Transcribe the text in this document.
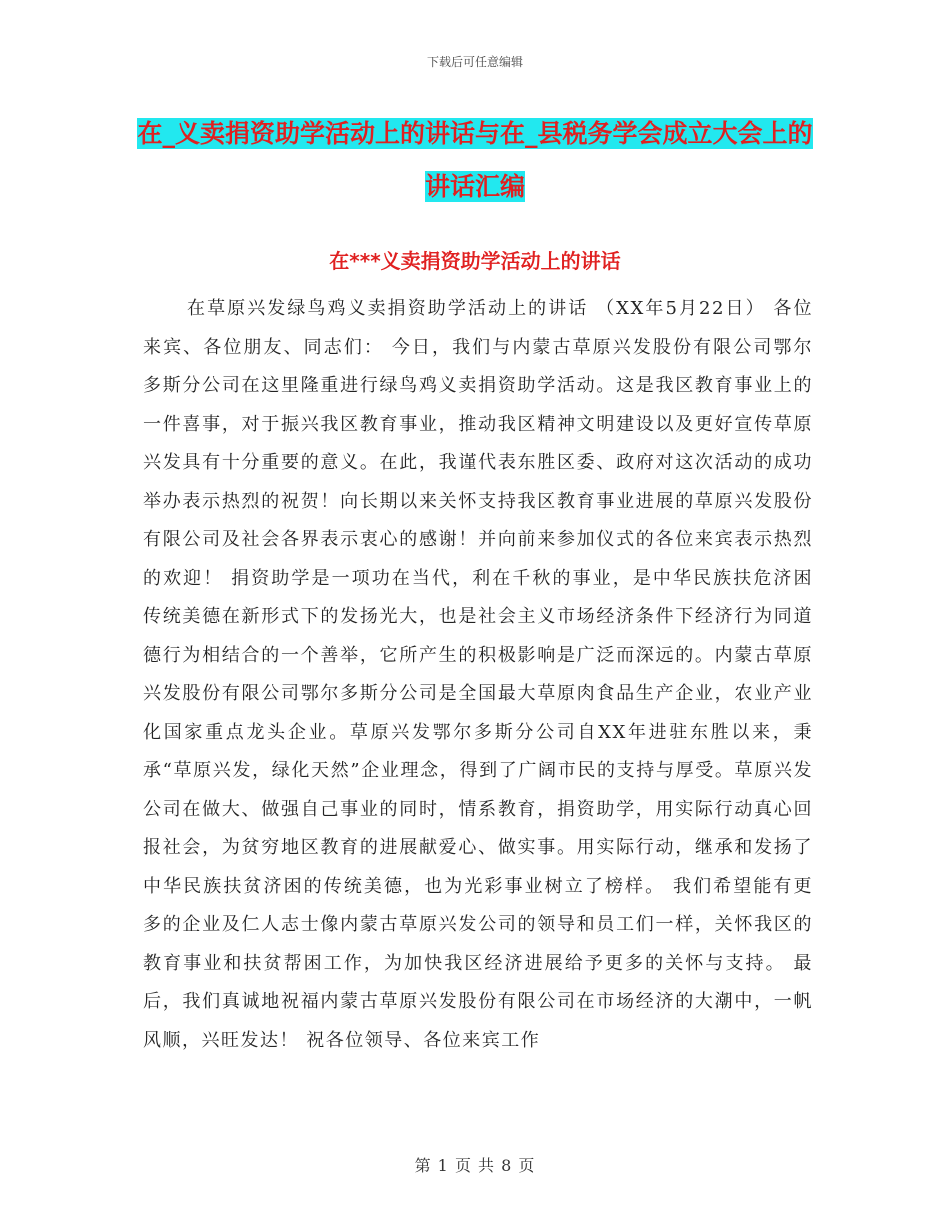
下载后可任意编辑
在_义卖捐资助学活动上的讲话与在_县税务学会成立大会上的讲话汇编
在***义卖捐资助学活动上的讲话

在草原兴发绿鸟鸡义卖捐资助学活动上的讲话 （XX年5月22日） 各位来宾、各位朋友、同志们： 今日，我们与内蒙古草原兴发股份有限公司鄂尔多斯分公司在这里隆重进行绿鸟鸡义卖捐资助学活动。这是我区教育事业上的一件喜事，对于振兴我区教育事业，推动我区精神文明建设以及更好宣传草原兴发具有十分重要的意义。在此，我谨代表东胜区委、政府对这次活动的成功举办表示热烈的祝贺！向长期以来关怀支持我区教育事业进展的草原兴发股份有限公司及社会各界表示衷心的感谢！并向前来参加仪式的各位来宾表示热烈的欢迎！ 捐资助学是一项功在当代，利在千秋的事业，是中华民族扶危济困传统美德在新形式下的发扬光大，也是社会主义市场经济条件下经济行为同道德行为相结合的一个善举，它所产生的积极影响是广泛而深远的。内蒙古草原兴发股份有限公司鄂尔多斯分公司是全国最大草原肉食品生产企业，农业产业化国家重点龙头企业。草原兴发鄂尔多斯分公司自XX年进驻东胜以来，秉承“草原兴发，绿化天然”企业理念，得到了广阔市民的支持与厚受。草原兴发公司在做大、做强自己事业的同时，情系教育，捐资助学，用实际行动真心回报社会，为贫穷地区教育的进展献爱心、做实事。用实际行动，继承和发扬了中华民族扶贫济困的传统美德，也为光彩事业树立了榜样。 我们希望能有更多的企业及仁人志士像内蒙古草原兴发公司的领导和员工们一样，关怀我区的教育事业和扶贫帮困工作，为加快我区经济进展给予更多的关怀与支持。 最后，我们真诚地祝福内蒙古草原兴发股份有限公司在市场经济的大潮中，一帆风顺，兴旺发达！ 祝各位领导、各位来宾工作

第 1 页 共 8 页
